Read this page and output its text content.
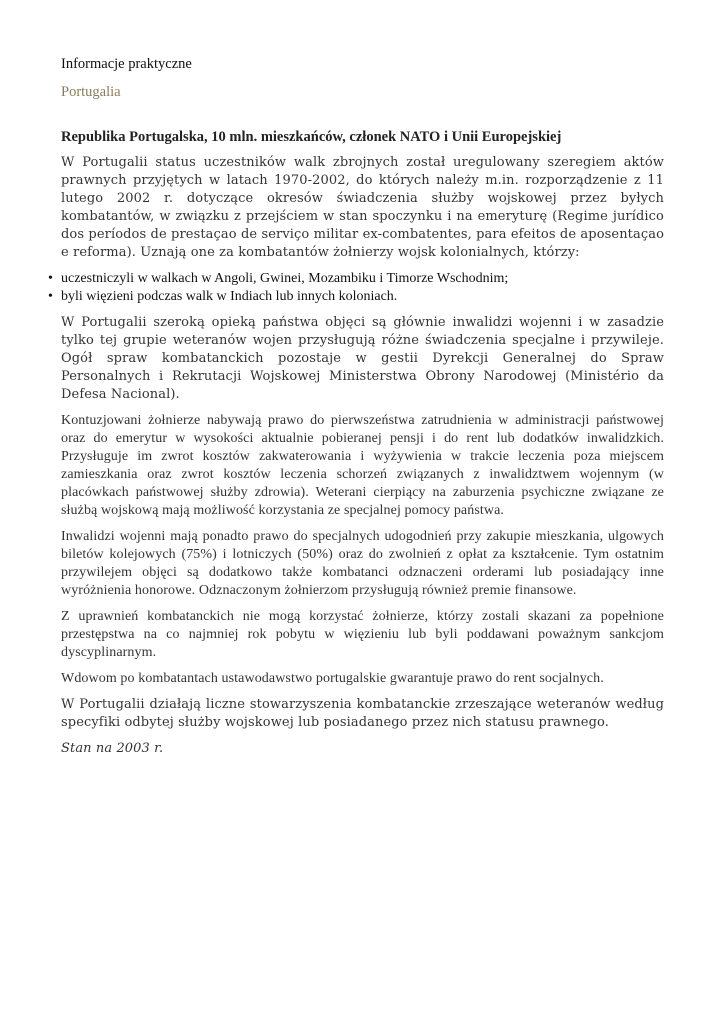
Informacje praktyczne
Portugalia
Republika Portugalska, 10 mln. mieszkańców, członek NATO i Unii Europejskiej

W Portugalii status uczestników walk zbrojnych został uregulowany szeregiem aktów prawnych przyjętych w latach 1970-2002, do których należy m.in. rozporządzenie z 11 lutego 2002 r. dotyczące okresów świadczenia służby wojskowej przez byłych kombatantów, w związku z przejściem w stan spoczynku i na emeryturę (Regime jurídico dos períodos de prestaçao de serviço militar ex-combatentes, para efeitos de aposentaçao e reforma). Uznają one za kombatantów żołnierzy wojsk kolonialnych, którzy:

• uczestniczyli w walkach w Angoli, Gwinei, Mozambiku i Timorze Wschodnim;
• byli więzieni podczas walk w Indiach lub innych koloniach.

W Portugalii szeroką opieką państwa objęci są głównie inwalidzi wojenni i w zasadzie tylko tej grupie weteranów wojen przysługują różne świadczenia specjalne i przywileje. Ogół spraw kombatanckich pozostaje w gestii Dyrekcji Generalnej do Spraw Personalnych i Rekrutacji Wojskowej Ministerstwa Obrony Narodowej (Ministério da Defesa Nacional).

Kontuzjowani żołnierze nabywają prawo do pierwszeństwa zatrudnienia w administracji państwowej oraz do emerytur w wysokości aktualnie pobieranej pensji i do rent lub dodatków inwalidzkich. Przysługuje im zwrot kosztów zakwaterowania i wyżywienia w trakcie leczenia poza miejscem zamieszkania oraz zwrot kosztów leczenia schorzeń związanych z inwalidztwem wojennym (w placówkach państwowej służby zdrowia). Weterani cierpiący na zaburzenia psychiczne związane ze służbą wojskową mają możliwość korzystania ze specjalnej pomocy państwa.

Inwalidzi wojenni mają ponadto prawo do specjalnych udogodnień przy zakupie mieszkania, ulgowych biletów kolejowych (75%) i lotniczych (50%) oraz do zwolnień z opłat za kształcenie. Tym ostatnim przywilejem objęci są dodatkowo także kombatanci odznaczeni orderami lub posiadający inne wyróżnienia honorowe. Odznaczonym żołnierzom przysługują również premie finansowe.

Z uprawnień kombatanckich nie mogą korzystać żołnierze, którzy zostali skazani za popełnione przestępstwa na co najmniej rok pobytu w więzieniu lub byli poddawani poważnym sankcjom dyscyplinarnym.

Wdowom po kombatantach ustawodawstwo portugalskie gwarantuje prawo do rent socjalnych.

W Portugalii działają liczne stowarzyszenia kombatanckie zrzeszające weteranów według specyfiki odbytej służby wojskowej lub posiadanego przez nich statusu prawnego.

Stan na 2003 r.
